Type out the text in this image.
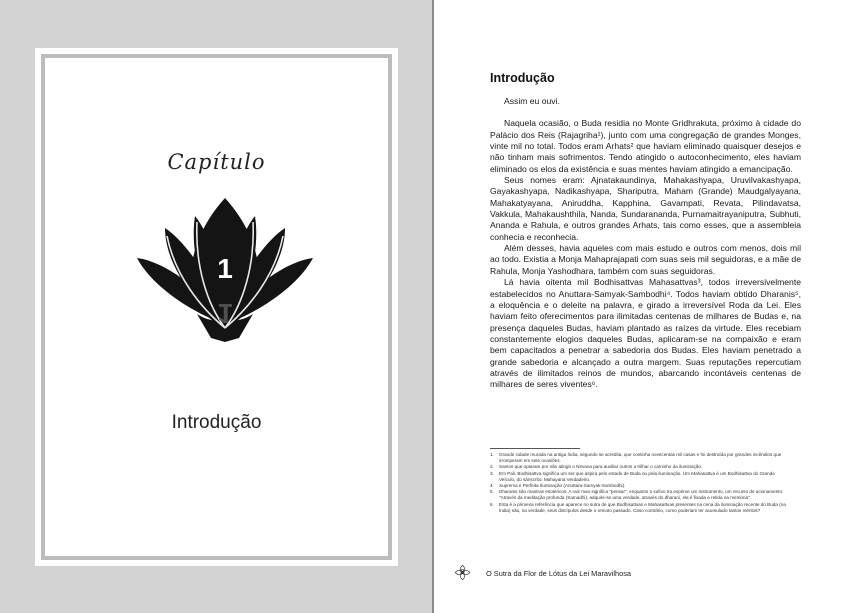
Capítulo
1
1
Introdução
Introdução

Assim eu ouvi.

Naquela ocasião, o Buda residia no Monte Gridhrakuta, próximo à cidade do Palácio dos Reis (Rajagriha¹), junto com uma congregação de grandes Monges, vinte mil no total. Todos eram Arhats² que haviam eliminado quaisquer desejos e não tinham mais sofrimentos. Tendo atingido o autoconhecimento, eles haviam eliminado os elos da existência e suas mentes haviam atingido a emancipação.

Seus nomes eram: Ajnatakaundinya, Mahakashyapa, Uruvilvakashyapa, Gayakashyapa, Nadikashyapa, Shariputra, Maham (Grande) Maudgalyayana, Mahakatyayana, Aniruddha, Kapphina, Gavampati, Revata, Pilindavatsa, Vakkula, Mahakaushthila, Nanda, Sundarananda, Purnamaitrayaniputra, Subhuti, Ananda e Rahula, e outros grandes Arhats, tais como esses, que a assembleia conhecia e reconhecia.

Além desses, havia aqueles com mais estudo e outros com menos, dois mil ao todo. Existia a Monja Mahaprajapati com suas seis mil seguidoras, e a mãe de Rahula, Monja Yashodhara, também com suas seguidoras.

Lá havia oitenta mil Bodhisattvas Mahasattvas³, todos irreversivelmente estabelecidos no Anuttara-Samyak-Sambodhi⁴. Todos haviam obtido Dharanis⁵, a eloquência e o deleite na palavra, e girado a irreversível Roda da Lei. Eles haviam feito oferecimentos para ilimitadas centenas de milhares de Budas e, na presença daqueles Budas, haviam plantado as raízes da virtude. Eles recebiam constantemente elogios daqueles Budas, aplicaram-se na compaixão e eram bem capacitados a penetrar a sabedoria dos Budas. Eles haviam penetrado a grande sabedoria e alcançado a outra margem. Suas reputações repercutiam através de ilimitados reinos de mundos, abarcando incontáveis centenas de milhares de seres viventes⁶.

1.	Grande cidade murada na antiga Índia, segundo se acredita, que continha novecentas mil casas e foi destruída por grandes incêndios que irromperam em sete ocasiões.
2.	Santos que optaram por não atingir o Nirvana para auxiliar outros a trilhar o caminho da iluminação.
3.	Em Pali, Bodhisattva significa um ser que aspira pelo estado de Buda ou pela iluminação. Um Mahasattva é um Bodhisattva do Grande Veículo, do sânscrito: Mahayana Verdadeiro.
4.	Suprema e Perfeita Iluminação (Anuttara-Samyak-Sambodhi).
5.	Dharanis são mantras esotéricos. A raiz man significa "pensar", enquanto o sufixo tra exprime um instrumento, um recurso de acionamento: "Através da meditação profunda (Samadhi), adquire-se uma verdade, através do dharani, ela é fixada e retida na memória".
6.	Esta é a primeira referência que aparece no sutra de que Bodhisattvas e Mahasattvas presentes na cena da iluminação recente do Buda (na Índia) são, na verdade, seus discípulos desde o remoto passado. Caso contrário, como poderiam ter acumulado tantos méritos?
8	O Sutra da Flor de Lótus da Lei Maravilhosa
